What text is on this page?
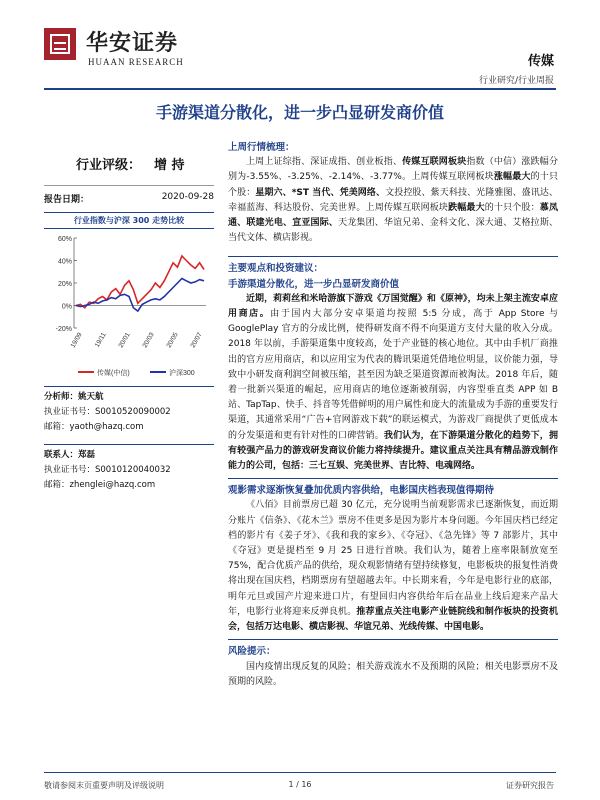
华安证券
HUAAN RESEARCH	传媒
行业研究/行业周报
手游渠道分散化，进一步凸显研发商价值
行业评级： 增 持
报告日期：	2020-09-28
行业指数与沪深 300 走势比较
60%
40%
20%
0%
-20%
19/09 19/11 20/01 20/03 20/05 20/07
传媒(中信)	沪深300
分析师：姚天航
执业证书号：S0010520090002
邮箱：yaoth@hazq.com
联系人：郑磊
执业证书号：S0010120040032
邮箱：zhenglei@hazq.com
上周行情梳理：

上周上证综指、深证成指、创业板指、传媒互联网板块指数（中信）涨跌幅分别为-3.55%、-3.25%、-2.14%、-3.77%。上周传媒互联网板块涨幅最大的十只个股：星期六、*ST 当代、凭美网络、文投控股、紫天科技、光隆雅图、盛讯达、幸福蓝海、科达股份、完美世界。上周传媒互联网板块跌幅最大的十只个股：慕凤通、联建光电、宣亚国际、天龙集团、华谊兄弟、金科文化、深大通、艾格拉斯、当代文体、横店影视。

主要观点和投资建议：
手游渠道分散化，进一步凸显研发商价值

近期，莉莉丝和米哈游旗下游戏《万国觉醒》和《原神》，均未上架主流安卓应用商店。由于国内大部分安卓渠道均按照 5:5 分成，高于 App Store 与 GooglePlay 官方的分成比例，使得研发商不得不向渠道方支付大量的收入分成。2018 年以前，手游渠道集中度较高，处于产业链的核心地位。其中由手机厂商推出的官方应用商店，和以应用宝为代表的腾讯渠道凭借地位明显，议价能力强，导致中小研发商利润空间被压缩，甚至因为缺乏渠道资源而被淘汰。2018 年后，随着一批新兴渠道的崛起，应用商店的地位逐渐被削弱，内容型垂直类 APP 如 B 站、TapTap、快手、抖音等凭借鲜明的用户属性和庞大的流量成为手游的重要发行渠道，其通常采用“广告+官网游戏下载”的联运模式，为游戏厂商提供了更低成本的分发渠道和更有针对性的口碑营销。我们认为，在下游渠道分散化的趋势下，拥有较强产品力的游戏研发商议价能力将持续提升。建议重点关注具有精品游戏制作能力的公司，包括：三七互娱、完美世界、吉比特、电魂网络。

观影需求逐渐恢复叠加优质内容供给，电影国庆档表现值得期待

《八佰》目前票房已超 30 亿元，充分说明当前观影需求已逐渐恢复，而近期分账片《信条》、《花木兰》票房不佳更多是因为影片本身问题。今年国庆档已经定档的影片有《姜子牙》、《我和我的家乡》、《夺冠》、《急先锋》等 7 部影片，其中《夺冠》更是提档至 9 月 25 日进行首映。我们认为，随着上座率限制放宽至 75%，配合优质产品的供给，现众观影情绪有望持续修复，电影板块的报复性消费将出现在国庆档，档期票房有望超越去年。中长期来看，今年是电影行业的底部，明年元旦或国产片迎来进口片，有望回归内容供给年后在品业上线后迎来产品大年，电影行业将迎来反弹良机。推荐重点关注电影产业链院线和制作板块的投资机会，包括万达电影、横店影视、华谊兄弟、光线传媒、中国电影。

风险提示：

国内疫情出现反复的风险；相关游戏流水不及预期的风险；相关电影票房不及预期的风险。

敬请参阅末页重要声明及评级说明	1 / 16	证券研究报告
